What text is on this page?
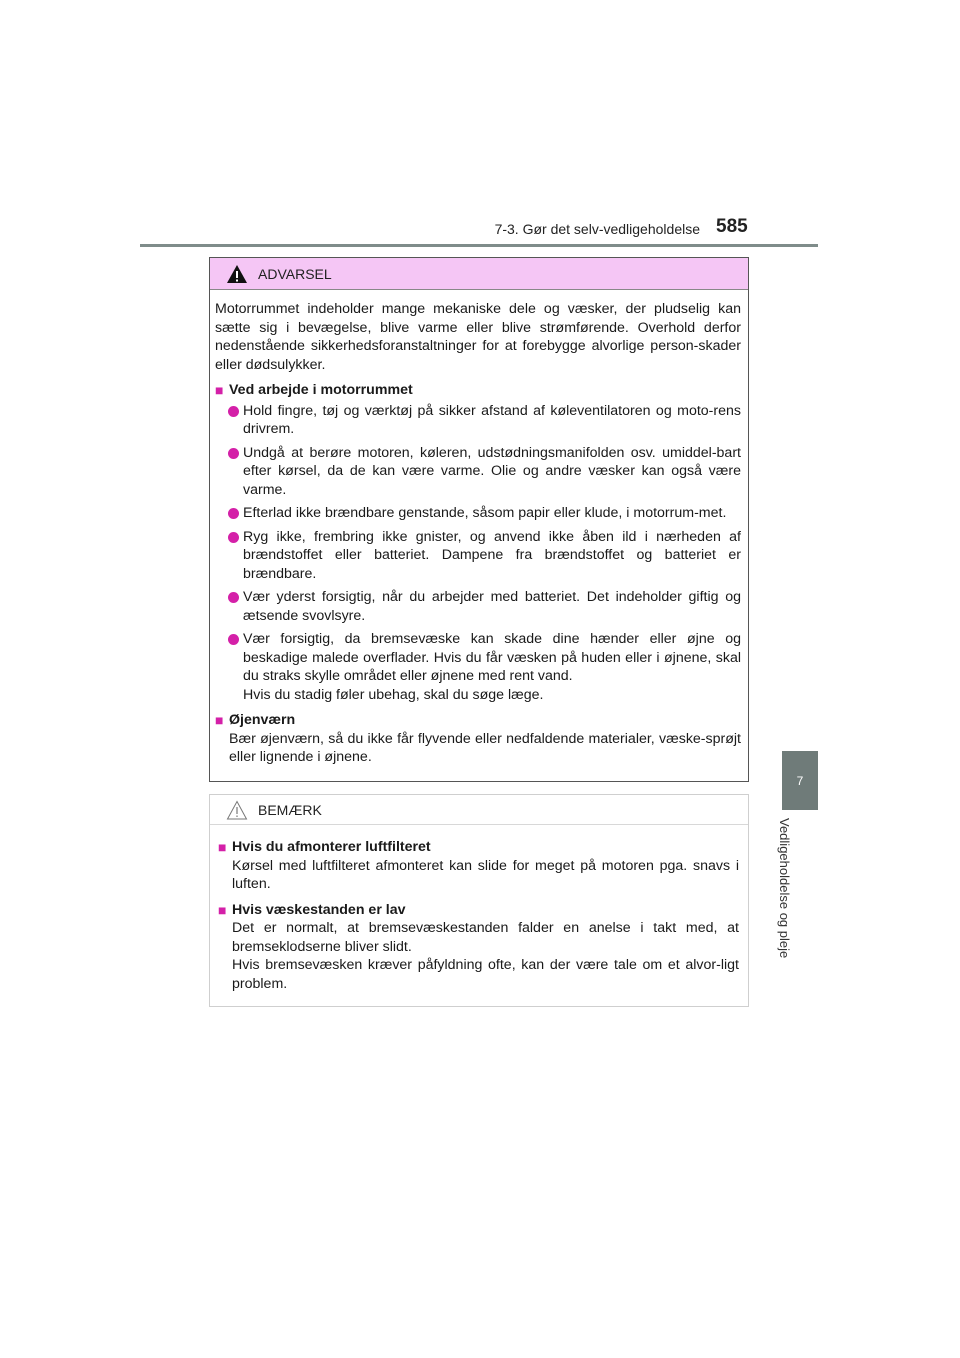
7-3. Gør det selv-vedligeholdelse 585
7
Vedligeholdelse og pleje
ADVARSEL

Motorrummet indeholder mange mekaniske dele og væsker, der pludselig kan sætte sig i bevægelse, blive varme eller blive strømførende. Overhold derfor nedenstående sikkerhedsforanstaltninger for at forebygge alvorlige person-skader eller dødsulykker.

■ Ved arbejde i motorrummet
Hold fingre, tøj og værktøj på sikker afstand af køleventilatoren og moto-rens drivrem.
Undgå at berøre motoren, køleren, udstødningsmanifolden osv. umiddel-bart efter kørsel, da de kan være varme. Olie og andre væsker kan også være varme.
Efterlad ikke brændbare genstande, såsom papir eller klude, i motorrum-met.
Ryg ikke, frembring ikke gnister, og anvend ikke åben ild i nærheden af brændstoffet eller batteriet. Dampene fra brændstoffet og batteriet er brændbare.
Vær yderst forsigtig, når du arbejder med batteriet. Det indeholder giftig og ætsende svovlsyre.
Vær forsigtig, da bremsevæske kan skade dine hænder eller øjne og beskadige malede overflader. Hvis du får væsken på huden eller i øjnene, skal du straks skylle området eller øjnene med rent vand.
Hvis du stadig føler ubehag, skal du søge læge.
■ Øjenværn
Bær øjenværn, så du ikke får flyvende eller nedfaldende materialer, væske-sprøjt eller lignende i øjnene.
BEMÆRK
■ Hvis du afmonterer luftfilteret
Kørsel med luftfilteret afmonteret kan slide for meget på motoren pga. snavs i luften.
■ Hvis væskestanden er lav
Det er normalt, at bremsevæskestanden falder en anelse i takt med, at bremseklodserne bliver slidt.
Hvis bremsevæsken kræver påfyldning ofte, kan der være tale om et alvor-ligt problem.
